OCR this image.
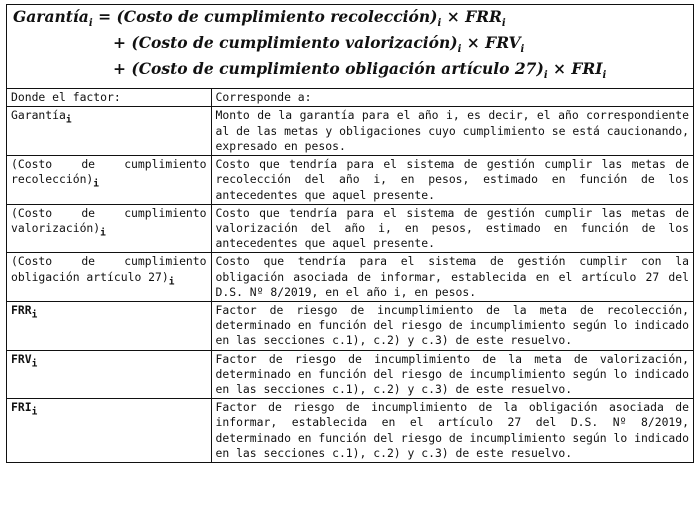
Garantía$_i$ = (Costo de cumplimiento $recolección)_i \times FRR_i$
+ (Costo de cumplimiento $valorización)_i \times FRV_i$
+ (Costo de cumplimiento obligación artículo $27)_i \times FRI_i$
Donde el factor:	Corresponde a:
Garantía$_i$	Monto de la garantía para el año i, es decir, el año correspondiente al de las metas y obligaciones cuyo cumplimiento se está caucionando, expresado en pesos.
(Costo de cumplimiento $recolección)_i$	Costo que tendría para el sistema de gestión cumplir las metas de recolección del año i, en pesos, estimado en función de los antecedentes que aquel presente.
(Costo de cumplimiento $valorización)_i$	Costo que tendría para el sistema de gestión cumplir las metas de valorización del año i, en pesos, estimado en función de los antecedentes que aquel presente.
(Costo de cumplimiento obligación artículo $27)_i$	Costo que tendría para el sistema de gestión cumplir con la obligación asociada de informar, establecida en el artículo 27 del D.S. Nº 8/2019, en el año i, en pesos.
$FRR_i$	Factor de riesgo de incumplimiento de la meta de recolección, determinado en función del riesgo de incumplimiento según lo indicado en las secciones c.1), c.2) y c.3) de este resuelvo.
$FRV_i$	Factor de riesgo de incumplimiento de la meta de valorización, determinado en función del riesgo de incumplimiento según lo indicado en las secciones c.1), c.2) y c.3) de este resuelvo.
$FRI_i$	Factor de riesgo de incumplimiento de la obligación asociada de informar, establecida en el artículo 27 del D.S. Nº 8/2019, determinado en función del riesgo de incumplimiento según lo indicado en las secciones c.1), c.2) y c.3) de este resuelvo.
